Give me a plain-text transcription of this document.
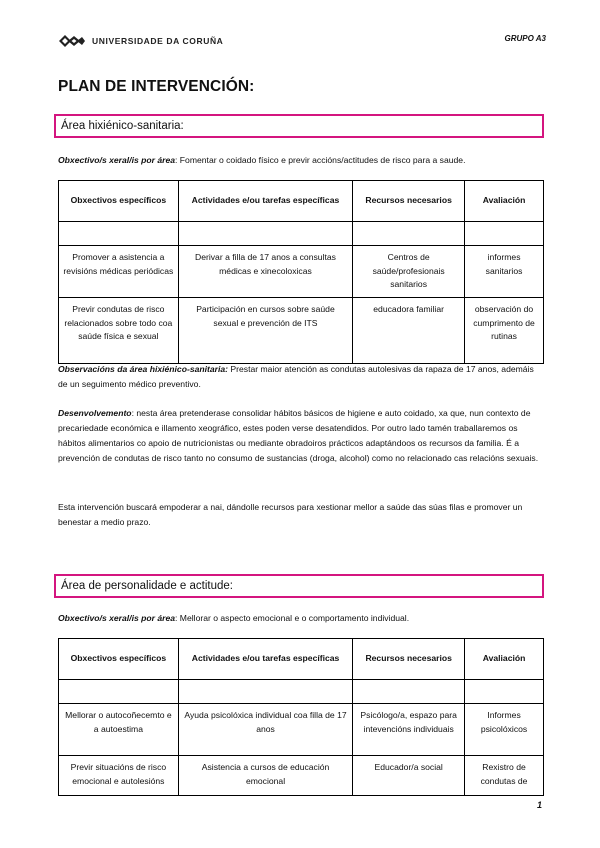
UNIVERSIDADE DA CORUÑA	GRUPO A3
PLAN DE INTERVENCIÓN:
Área hixiénico-sanitaria:
Obxectivo/s xeral/is por área: Fomentar o coidado físico e previr accións/actitudes de risco para a saude.
Obxectivos específicos	Actividades e/ou tarefas específicas	Recursos necesarios	Avaliación

Promover a asistencia a revisións médicas periódicas	Derivar a filla de 17 anos a consultas médicas e xinecoloxicas	Centros de saúde/profesionais sanitarios	informes sanitarios
Previr condutas de risco relacionados sobre todo coa saúde física e sexual	Participación en cursos sobre saúde sexual e prevención de ITS	educadora familiar	observación do cumprimento de rutinas
Observacións da área hixiénico-sanitaria: Prestar maior atención as condutas autolesivas da rapaza de 17 anos, ademáis de un seguimento médico preventivo.
Desenvolvemento: nesta área pretenderase consolidar hábitos básicos de higiene e auto coidado, xa que, nun contexto de precariedade económica e illamento xeográfico, estes poden verse desatendidos. Por outro lado tamén traballaremos os hábitos alimentarios co apoio de nutricionistas ou mediante obradoiros prácticos adaptándoos os recursos da familia. É a prevención de condutas de risco tanto no consumo de sustancias (droga, alcohol) como no relacionado cas relacións sexuais.
Esta intervención buscará empoderar a nai, dándolle recursos para xestionar mellor a saúde das súas filas e promover un benestar a medio prazo.
Área de personalidade e actitude:
Obxectivo/s xeral/is por área: Mellorar o aspecto emocional e o comportamento individual.
Obxectivos específicos	Actividades e/ou tarefas específicas	Recursos necesarios	Avaliación

Mellorar o autocoñecemto e a autoestima	Ayuda psicolóxica individual coa filla de 17 anos	Psicólogo/a, espazo para intevencións individuais	Informes psicolóxicos
Previr situacións de risco emocional e autolesións	Asistencia a cursos de educación emocional	Educador/a social	Rexistro de condutas de
1
